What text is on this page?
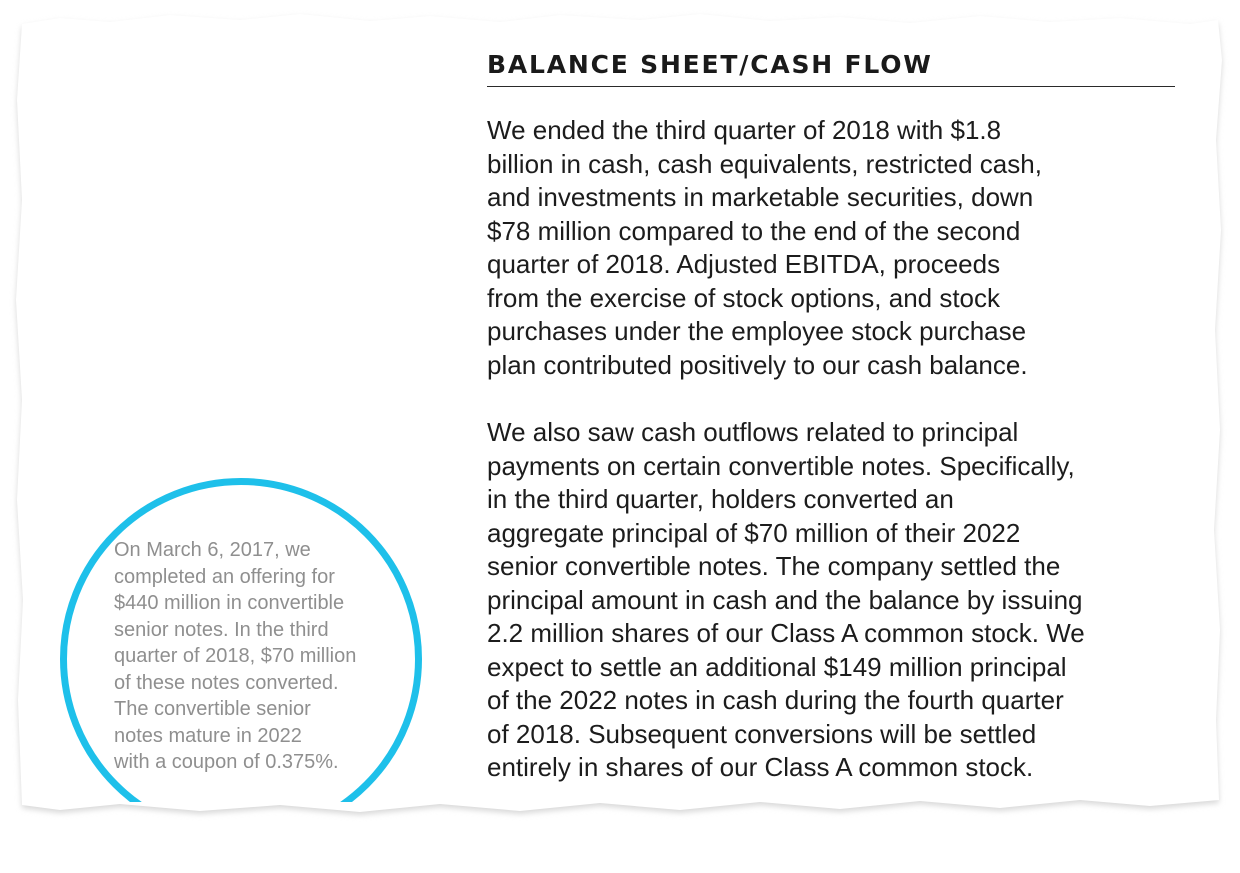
BALANCE SHEET/CASH FLOW

We ended the third quarter of 2018 with $1.8
billion in cash, cash equivalents, restricted cash,
and investments in marketable securities, down
$78 million compared to the end of the second
quarter of 2018. Adjusted EBITDA, proceeds
from the exercise of stock options, and stock
purchases under the employee stock purchase
plan contributed positively to our cash balance.

We also saw cash outflows related to principal
payments on certain convertible notes. Specifically,
in the third quarter, holders converted an
aggregate principal of $70 million of their 2022
senior convertible notes. The company settled the
principal amount in cash and the balance by issuing
2.2 million shares of our Class A common stock. We
expect to settle an additional $149 million principal
of the 2022 notes in cash during the fourth quarter
of 2018. Subsequent conversions will be settled
entirely in shares of our Class A common stock.

On March 6, 2017, we
completed an offering for
$440 million in convertible
senior notes. In the third
quarter of 2018, $70 million
of these notes converted.
The convertible senior
notes mature in 2022
with a coupon of 0.375%.
